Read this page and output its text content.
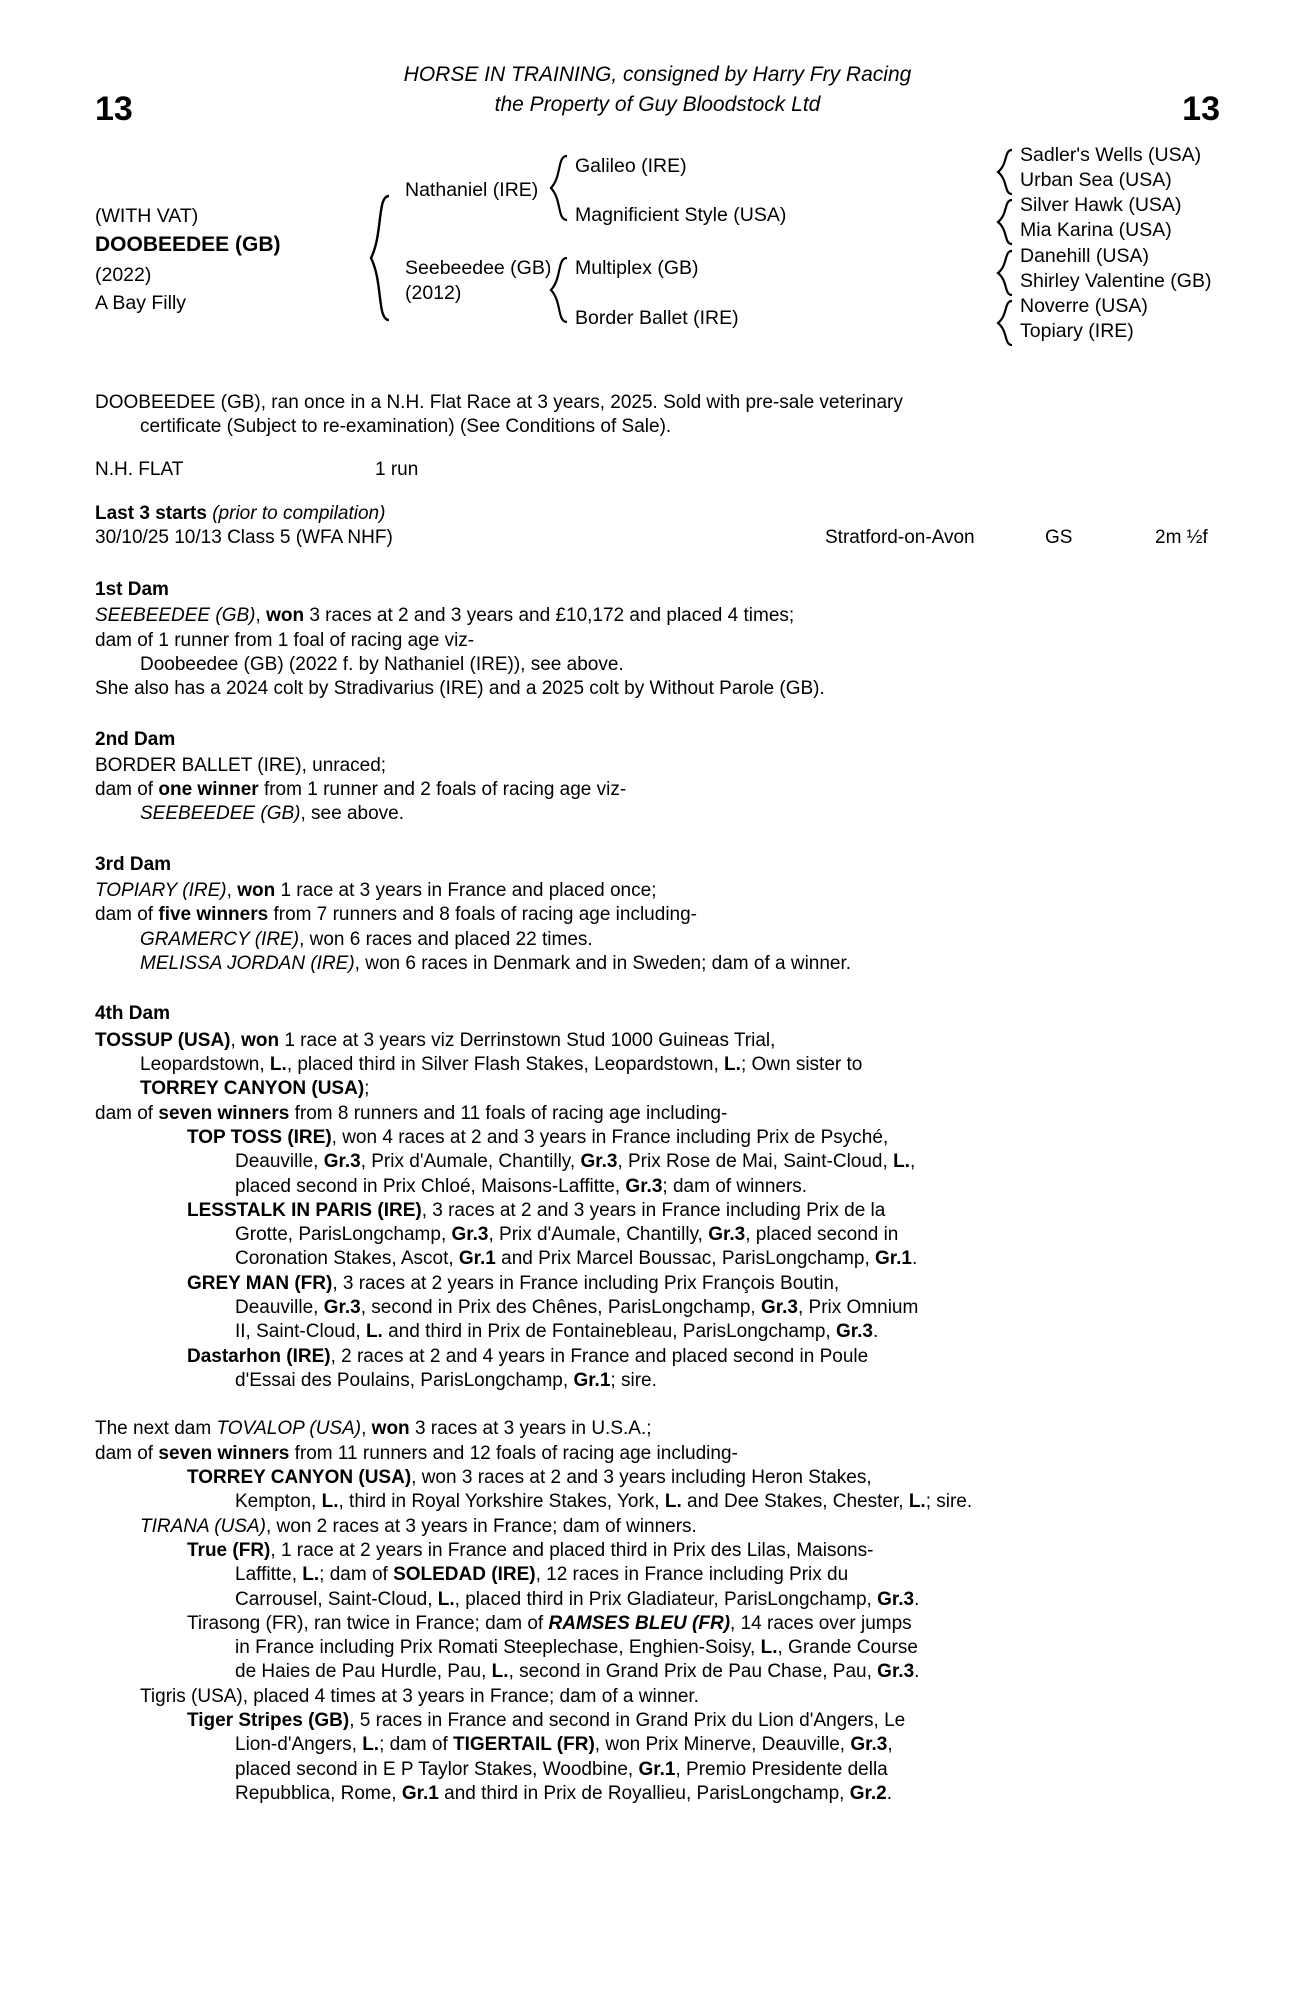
13	13
HORSE IN TRAINING, consigned by Harry Fry Racing
the Property of Guy Bloodstock Ltd
(WITH VAT)
DOOBEEDEE (GB)
(2022)
A Bay Filly
Nathaniel (IRE)
Seebeedee (GB)
(2012)
Galileo (IRE)
Magnificient Style (USA)
Multiplex (GB)
Border Ballet (IRE)
Sadler's Wells (USA)
Urban Sea (USA)
Silver Hawk (USA)
Mia Karina (USA)
Danehill (USA)
Shirley Valentine (GB)
Noverre (USA)
Topiary (IRE)

DOOBEEDEE (GB), ran once in a N.H. Flat Race at 3 years, 2025. Sold with pre-sale veterinary

certificate (Subject to re-examination) (See Conditions of Sale).

N.H. FLAT	1 run
Last 3 starts (prior to compilation)
30/10/25 10/13 Class 5 (WFA NHF)	Stratford-on-Avon	GS	2m ½f
1st Dam

SEEBEEDEE (GB), won 3 races at 2 and 3 years and £10,172 and placed 4 times;

dam of 1 runner from 1 foal of racing age viz-

Doobeedee (GB) (2022 f. by Nathaniel (IRE)), see above.

She also has a 2024 colt by Stradivarius (IRE) and a 2025 colt by Without Parole (GB).

2nd Dam

BORDER BALLET (IRE), unraced;

dam of one winner from 1 runner and 2 foals of racing age viz-

SEEBEEDEE (GB), see above.

3rd Dam

TOPIARY (IRE), won 1 race at 3 years in France and placed once;

dam of five winners from 7 runners and 8 foals of racing age including-

GRAMERCY (IRE), won 6 races and placed 22 times.

MELISSA JORDAN (IRE), won 6 races in Denmark and in Sweden; dam of a winner.

4th Dam

TOSSUP (USA), won 1 race at 3 years viz Derrinstown Stud 1000 Guineas Trial,

Leopardstown, L., placed third in Silver Flash Stakes, Leopardstown, L.; Own sister to

TORREY CANYON (USA);

dam of seven winners from 8 runners and 11 foals of racing age including-

TOP TOSS (IRE), won 4 races at 2 and 3 years in France including Prix de Psyché,

Deauville, Gr.3, Prix d'Aumale, Chantilly, Gr.3, Prix Rose de Mai, Saint-Cloud, L.,

placed second in Prix Chloé, Maisons-Laffitte, Gr.3; dam of winners.

LESSTALK IN PARIS (IRE), 3 races at 2 and 3 years in France including Prix de la

Grotte, ParisLongchamp, Gr.3, Prix d'Aumale, Chantilly, Gr.3, placed second in

Coronation Stakes, Ascot, Gr.1 and Prix Marcel Boussac, ParisLongchamp, Gr.1.

GREY MAN (FR), 3 races at 2 years in France including Prix François Boutin,

Deauville, Gr.3, second in Prix des Chênes, ParisLongchamp, Gr.3, Prix Omnium

II, Saint-Cloud, L. and third in Prix de Fontainebleau, ParisLongchamp, Gr.3.

Dastarhon (IRE), 2 races at 2 and 4 years in France and placed second in Poule

d'Essai des Poulains, ParisLongchamp, Gr.1; sire.

The next dam TOVALOP (USA), won 3 races at 3 years in U.S.A.;

dam of seven winners from 11 runners and 12 foals of racing age including-

TORREY CANYON (USA), won 3 races at 2 and 3 years including Heron Stakes,

Kempton, L., third in Royal Yorkshire Stakes, York, L. and Dee Stakes, Chester, L.; sire.

TIRANA (USA), won 2 races at 3 years in France; dam of winners.

True (FR), 1 race at 2 years in France and placed third in Prix des Lilas, Maisons-

Laffitte, L.; dam of SOLEDAD (IRE), 12 races in France including Prix du

Carrousel, Saint-Cloud, L., placed third in Prix Gladiateur, ParisLongchamp, Gr.3.

Tirasong (FR), ran twice in France; dam of RAMSES BLEU (FR), 14 races over jumps

in France including Prix Romati Steeplechase, Enghien-Soisy, L., Grande Course

de Haies de Pau Hurdle, Pau, L., second in Grand Prix de Pau Chase, Pau, Gr.3.

Tigris (USA), placed 4 times at 3 years in France; dam of a winner.

Tiger Stripes (GB), 5 races in France and second in Grand Prix du Lion d'Angers, Le

Lion-d'Angers, L.; dam of TIGERTAIL (FR), won Prix Minerve, Deauville, Gr.3,

placed second in E P Taylor Stakes, Woodbine, Gr.1, Premio Presidente della

Repubblica, Rome, Gr.1 and third in Prix de Royallieu, ParisLongchamp, Gr.2.
